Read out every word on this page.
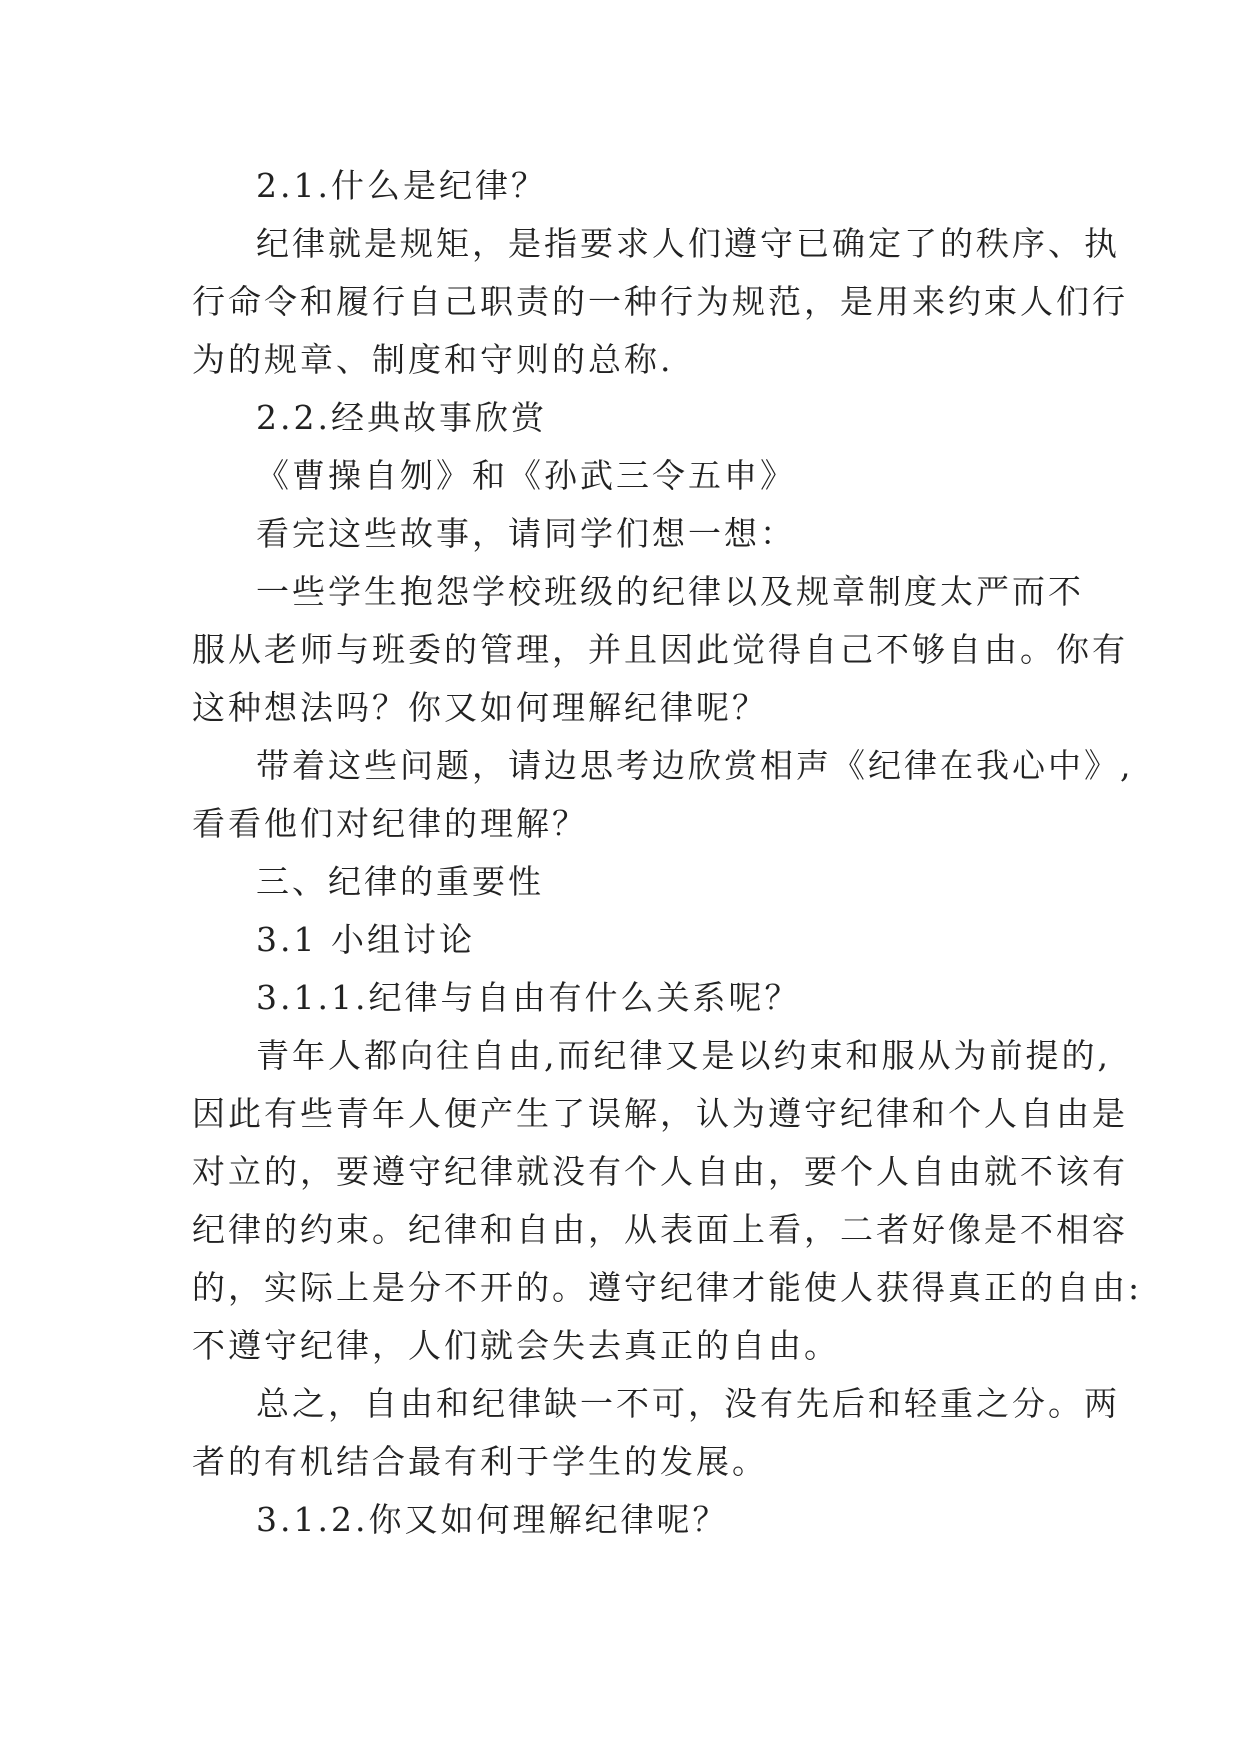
2.1.什么是纪律？
纪律就是规矩，是指要求人们遵守已确定了的秩序、执
行命令和履行自己职责的一种行为规范，是用来约束人们行
为的规章、制度和守则的总称.
2.2.经典故事欣赏
《曹操自刎》和《孙武三令五申》
看完这些故事，请同学们想一想：
一些学生抱怨学校班级的纪律以及规章制度太严而不
服从老师与班委的管理，并且因此觉得自己不够自由。你有
这种想法吗？你又如何理解纪律呢？
带着这些问题，请边思考边欣赏相声《纪律在我心中》,
看看他们对纪律的理解？
三、纪律的重要性
3.1 小组讨论
3.1.1.纪律与自由有什么关系呢？
青年人都向往自由,而纪律又是以约束和服从为前提的,
因此有些青年人便产生了误解，认为遵守纪律和个人自由是
对立的，要遵守纪律就没有个人自由，要个人自由就不该有
纪律的约束。纪律和自由，从表面上看，二者好像是不相容
的，实际上是分不开的。遵守纪律才能使人获得真正的自由:
不遵守纪律，人们就会失去真正的自由。
总之，自由和纪律缺一不可，没有先后和轻重之分。两
者的有机结合最有利于学生的发展。
3.1.2.你又如何理解纪律呢？
